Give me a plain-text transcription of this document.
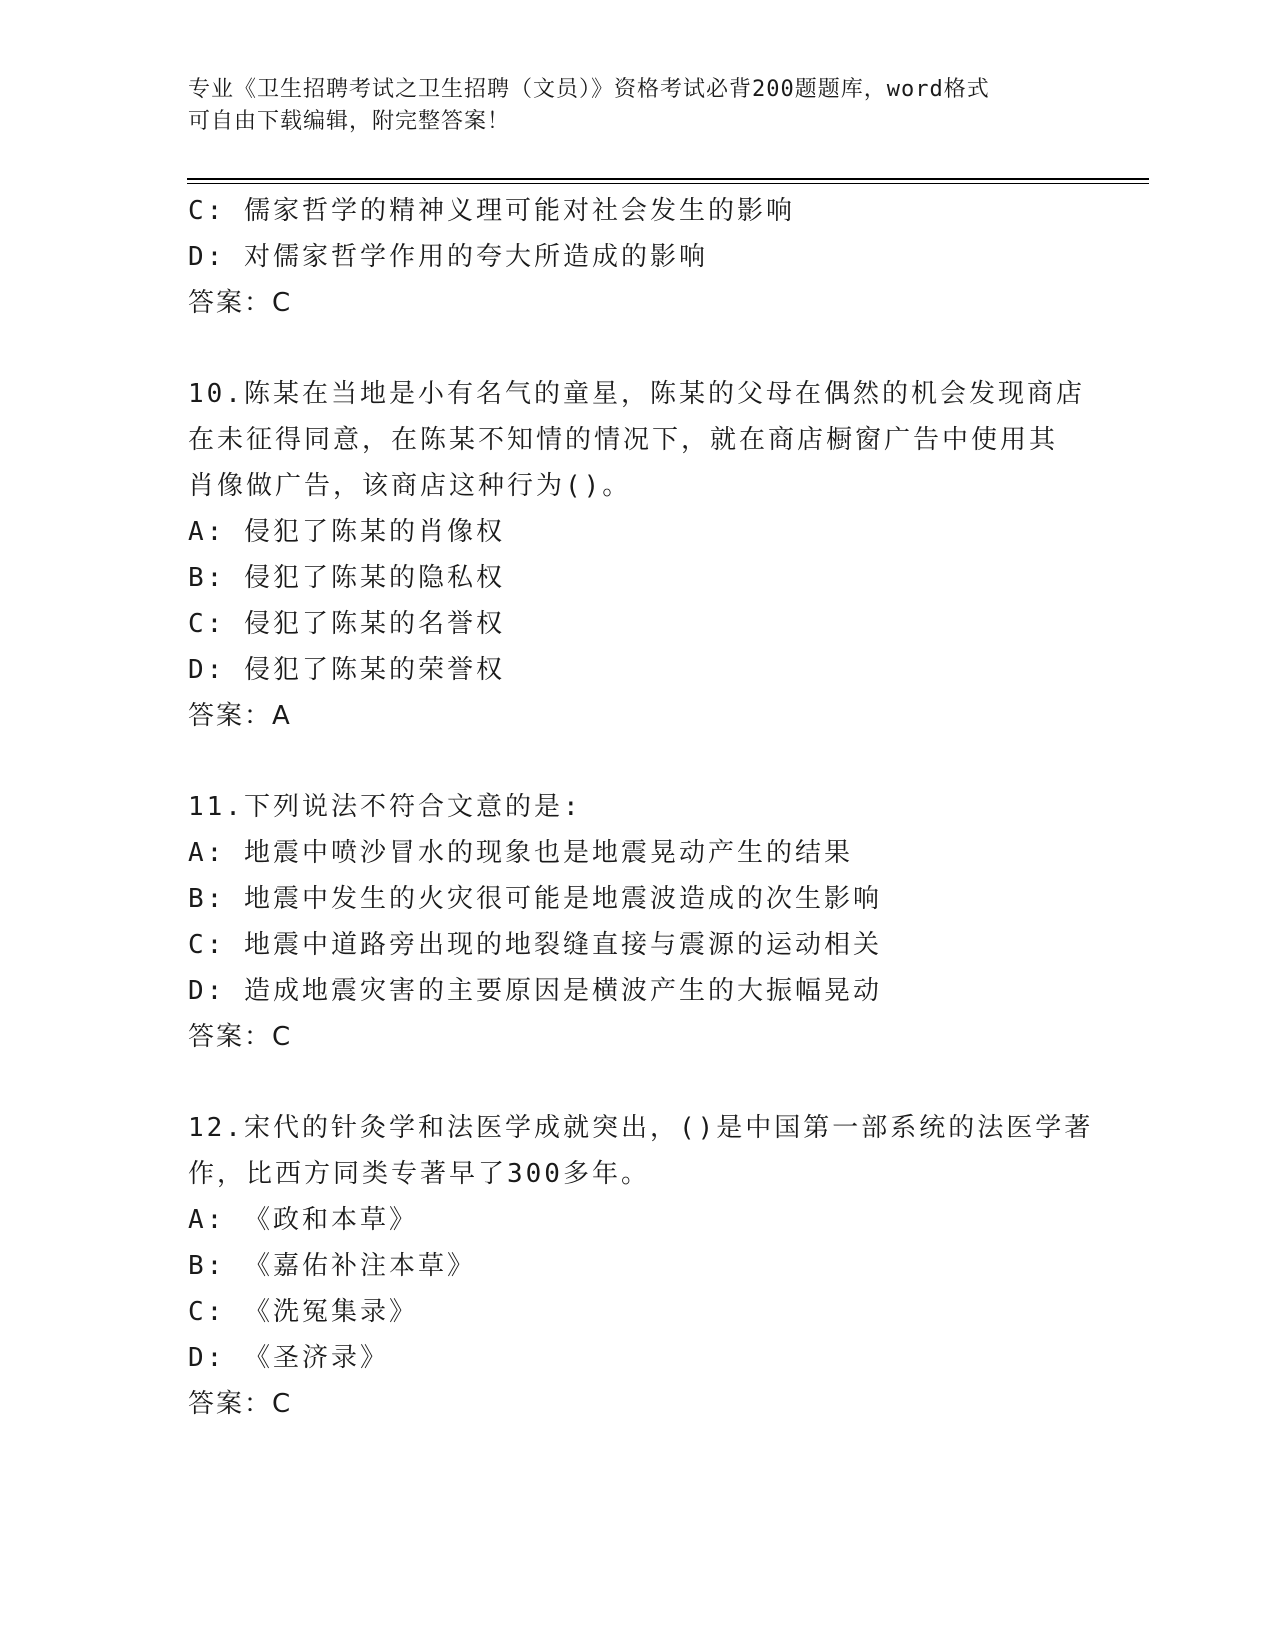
专业《卫生招聘考试之卫生招聘（文员）》资格考试必背200题题库，word格式
可自由下载编辑，附完整答案！
C: 儒家哲学的精神义理可能对社会发生的影响
D: 对儒家哲学作用的夸大所造成的影响
答案：C
10.陈某在当地是小有名气的童星，陈某的父母在偶然的机会发现商店
在未征得同意，在陈某不知情的情况下，就在商店橱窗广告中使用其
肖像做广告，该商店这种行为()。
A: 侵犯了陈某的肖像权
B: 侵犯了陈某的隐私权
C: 侵犯了陈某的名誉权
D: 侵犯了陈某的荣誉权
答案：A
11.下列说法不符合文意的是:
A: 地震中喷沙冒水的现象也是地震晃动产生的结果
B: 地震中发生的火灾很可能是地震波造成的次生影响
C: 地震中道路旁出现的地裂缝直接与震源的运动相关
D: 造成地震灾害的主要原因是横波产生的大振幅晃动
答案：C
12.宋代的针灸学和法医学成就突出，()是中国第一部系统的法医学著
作，比西方同类专著早了300多年。
A: 《政和本草》
B: 《嘉佑补注本草》
C: 《洗冤集录》
D: 《圣济录》
答案：C
